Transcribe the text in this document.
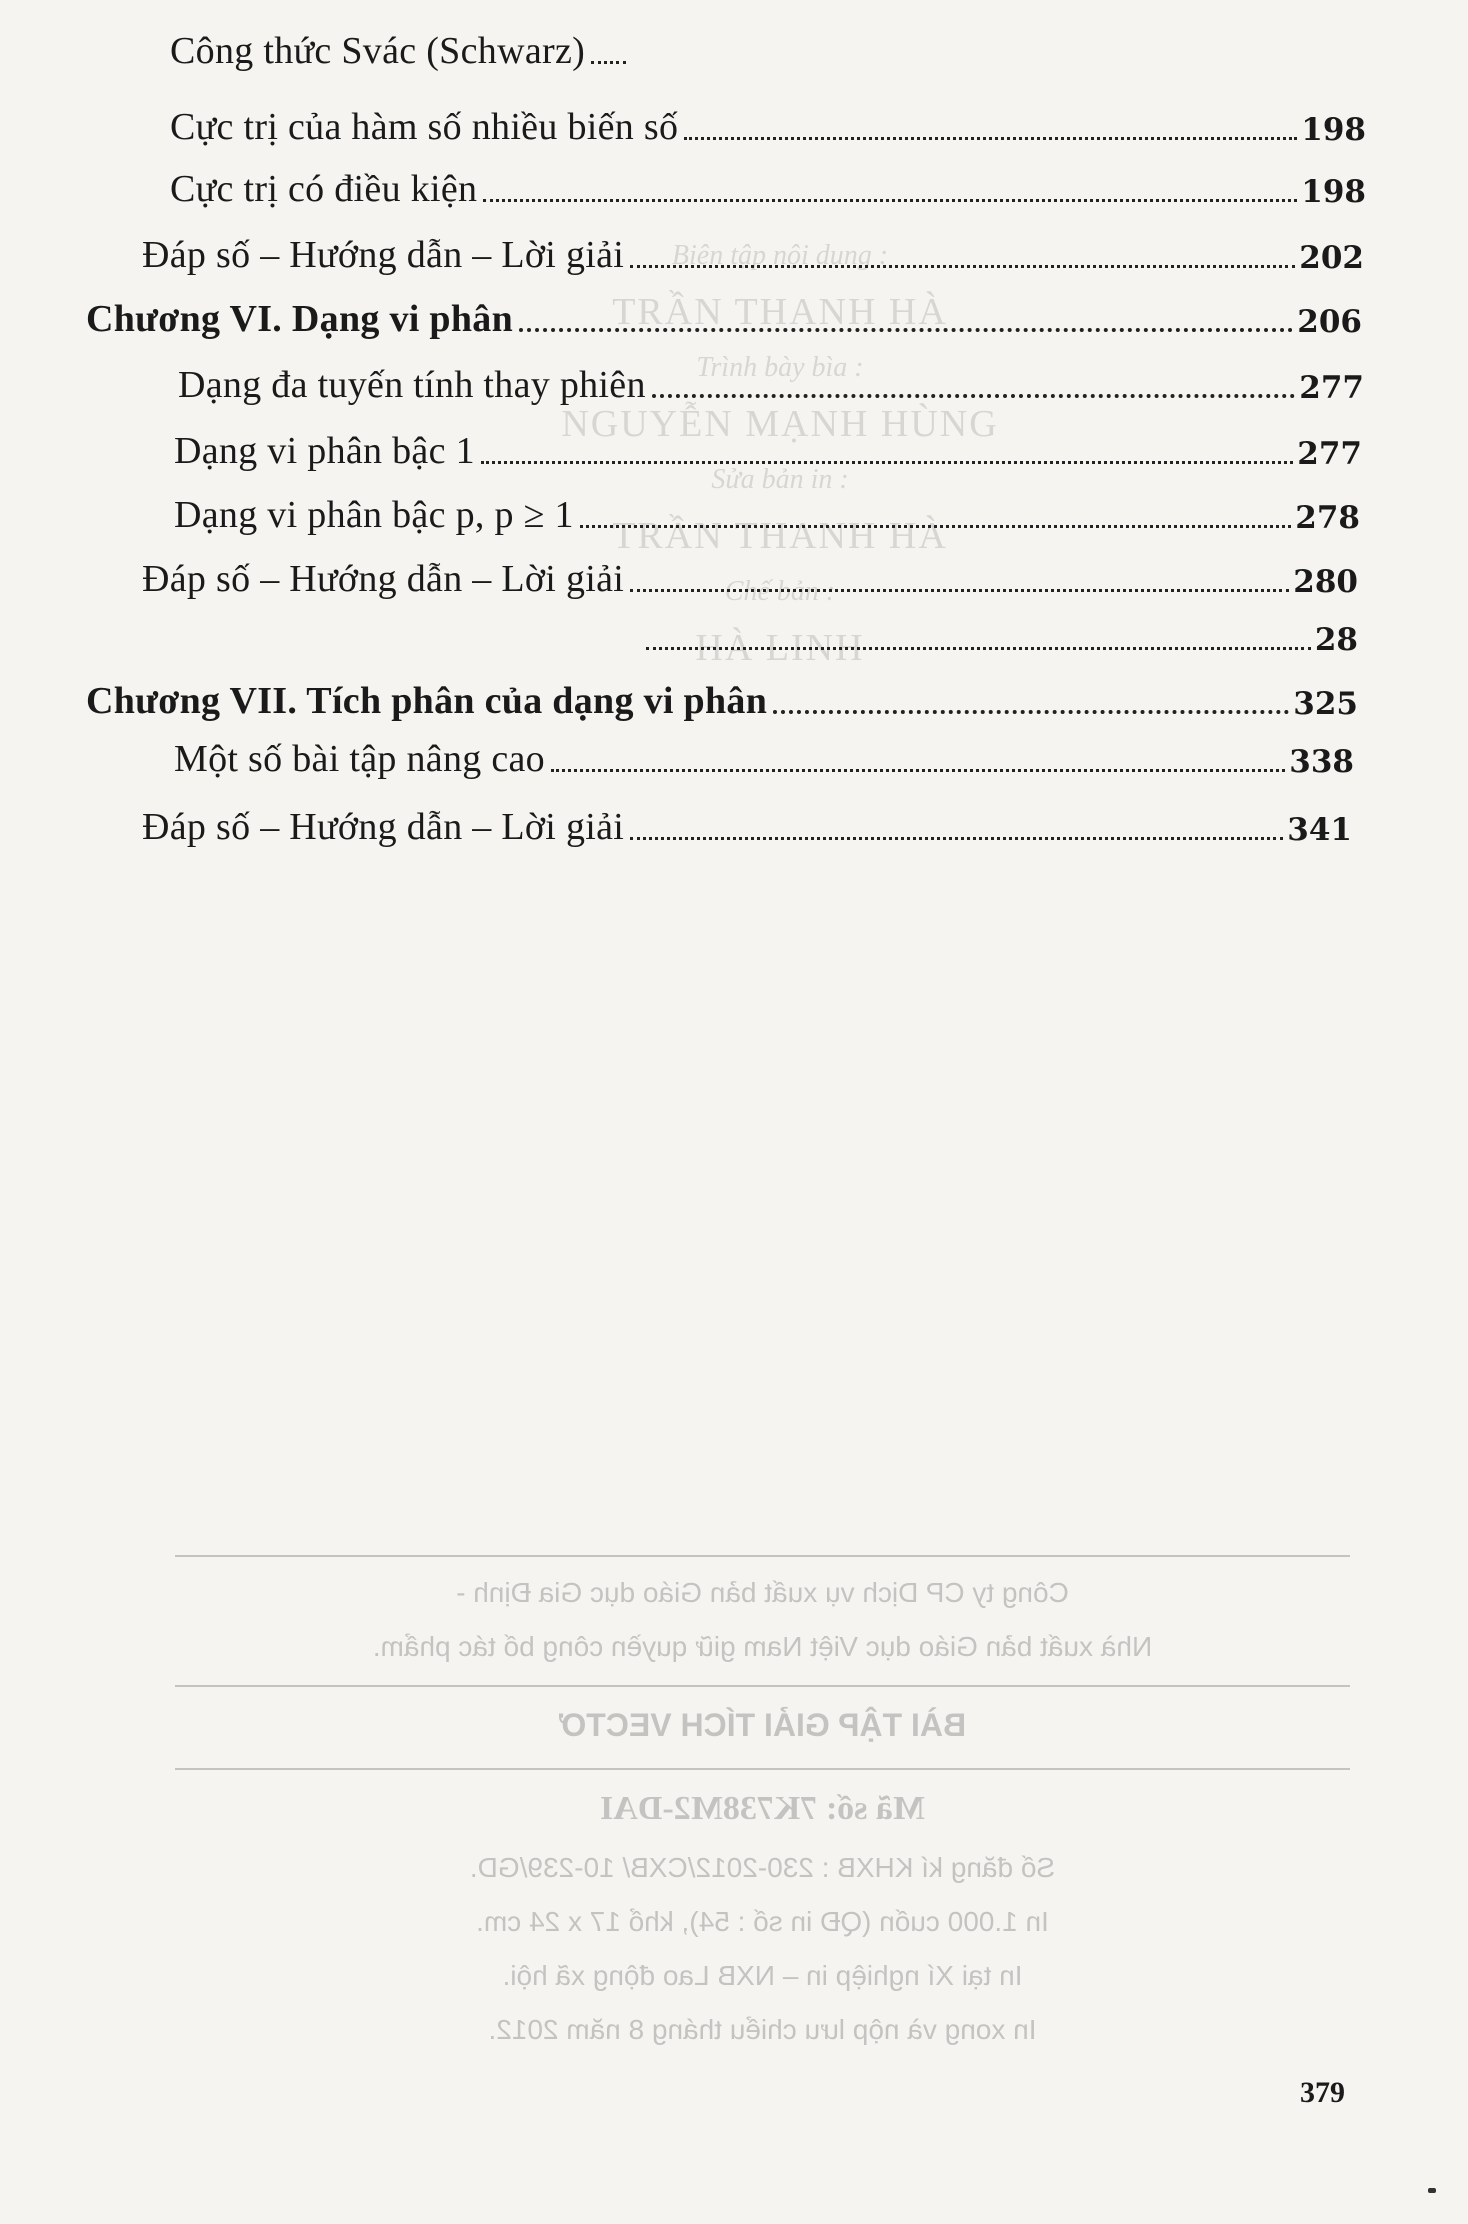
Biên tập nội dung :
TRẦN THANH HÀ
Trình bày bìa :
NGUYỄN MẠNH HÙNG
Sửa bản in :
TRẦN THANH HÀ
Chế bản :
HÀ LINH
Công ty CP Dịch vụ xuất bản Giáo dục Gia Định -
Nhà xuất bản Giáo dục Việt Nam giữ quyền công bố tác phẩm.
BÀI TẬP GIẢI TÍCH VECTƠ
Mã số: 7K738M2-DAI
Số đăng kí KHXB : 230-2012/CXB/ 10-239/GD.
In 1.000 cuốn (QĐ in số : 54), khổ 17 x 24 cm.
In tại Xí nghiệp in – NXB Lao động xã hội.
In xong và nộp lưu chiểu tháng 8 năm 2012.
Công thức Svác (Schwarz)
Cực trị của hàm số nhiều biến số	198
Cực trị có điều kiện	198
Đáp số – Hướng dẫn – Lời giải	202
Chương VI. Dạng vi phân	206
Dạng đa tuyến tính thay phiên	277
Dạng vi phân bậc 1	277
Dạng vi phân bậc p, p ≥ 1	278
Đáp số – Hướng dẫn – Lời giải	280
28
Chương VII. Tích phân của dạng vi phân	325
Một số bài tập nâng cao	338
Đáp số – Hướng dẫn – Lời giải	341
379
